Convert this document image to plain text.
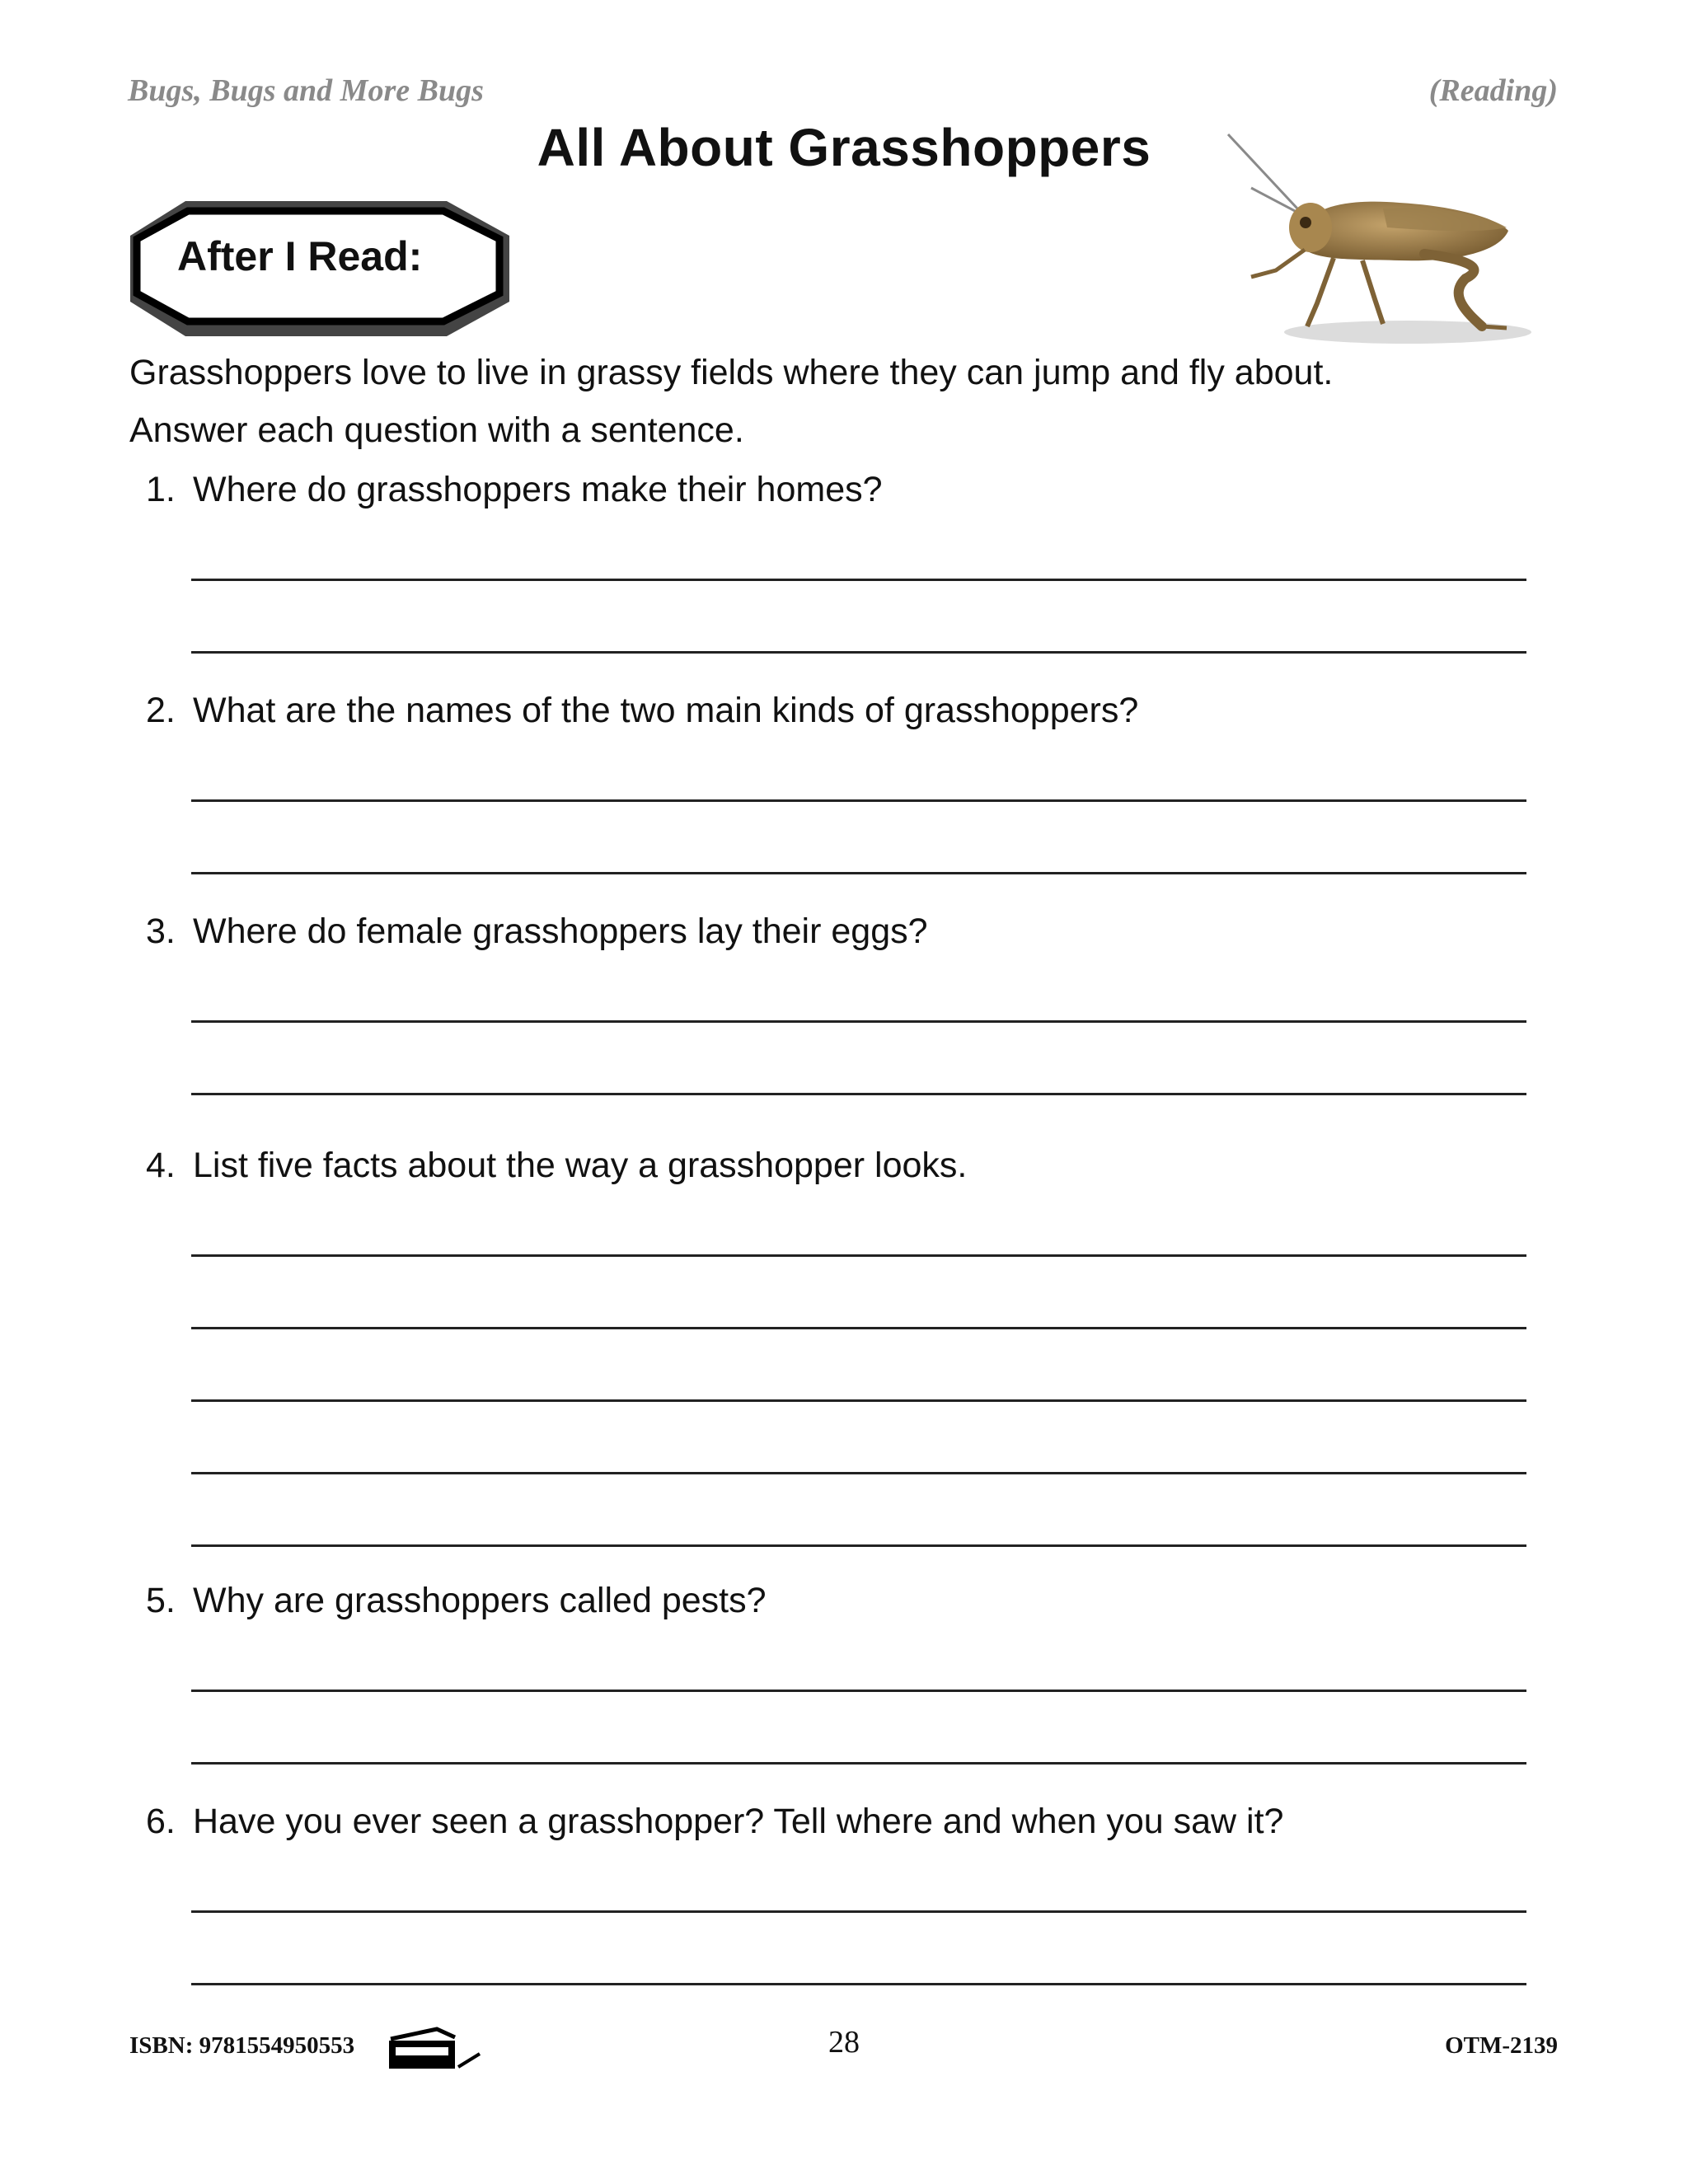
Bugs, Bugs and More Bugs	(Reading)
All About Grasshoppers
After I Read:
Grasshoppers love to live in grassy fields where they can jump and fly about.
Answer each question with a sentence.
1. Where do grasshoppers make their homes?
2. What are the names of the two main kinds of grasshoppers?
3. Where do female grasshoppers lay their eggs?
4. List five facts about the way a grasshopper looks.
5. Why are grasshoppers called pests?
6. Have you ever seen a grasshopper? Tell where and when you saw it?
ISBN: 9781554950553	28	OTM-2139
